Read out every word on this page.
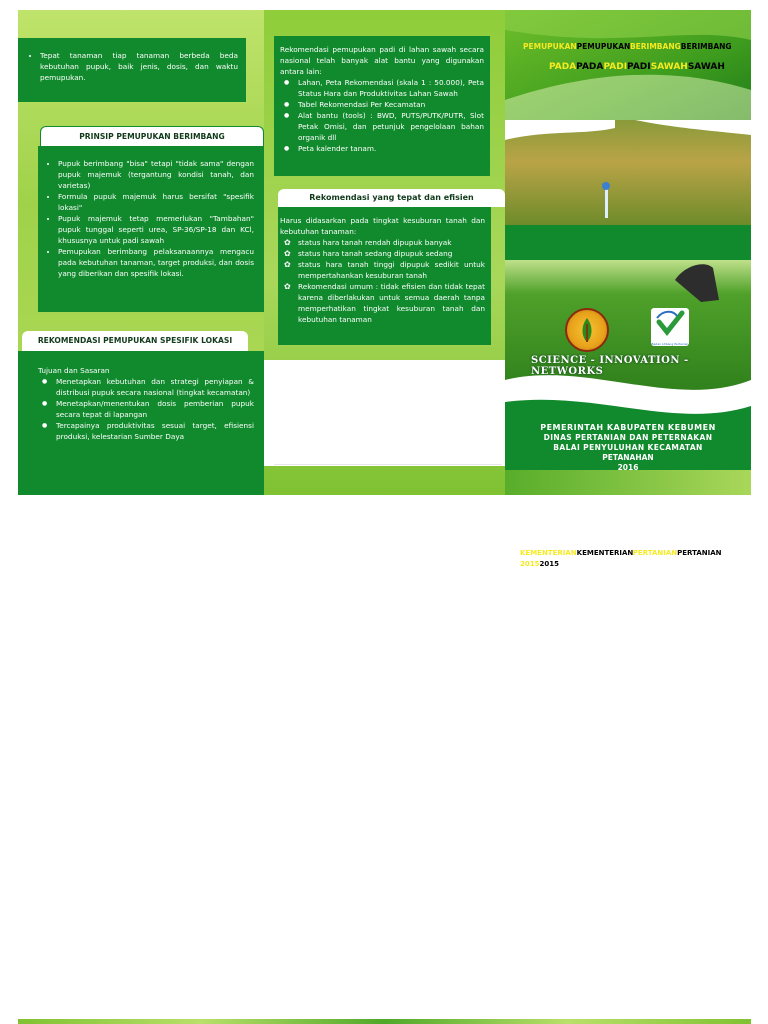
• Tepat tanaman tiap tanaman berbeda beda kebutuhan pupuk, baik jenis, dosis, dan waktu pemupukan.
PRINSIP PEMUPUKAN BERIMBANG
• Pupuk berimbang "bisa" tetapi "tidak sama" dengan pupuk majemuk (tergantung kondisi tanah, dan varietas)
• Formula pupuk majemuk harus bersifat "spesifik lokasi"
• Pupuk majemuk tetap memerlukan "Tambahan" pupuk tunggal seperti urea, SP-36/SP-18 dan KCl, khususnya untuk padi sawah
• Pemupukan berimbang pelaksanaannya mengacu pada kebutuhan tanaman, target produksi, dan dosis yang diberikan dan spesifik lokasi.
REKOMENDASI PEMUPUKAN SPESIFIK LOKASI
Tujuan dan Sasaran
● Menetapkan kebutuhan dan strategi penyiapan & distribusi pupuk secara nasional (tingkat kecamatan)
● Menetapkan/menentukan dosis pemberian pupuk secara tepat di lapangan
● Tercapainya produktivitas sesuai target, efisiensi produksi, kelestarian Sumber Daya
Rekomendasi pemupukan padi di lahan sawah secara nasional telah banyak alat bantu yang digunakan antara lain:
● Lahan, Peta Rekomendasi (skala 1 : 50.000), Peta Status Hara dan Produktivitas Lahan Sawah
● Tabel Rekomendasi Per Kecamatan
● Alat bantu (tools) : BWD, PUTS/PUTK/PUTR, Slot Petak Omisi, dan petunjuk pengelolaan bahan organik dll
● Peta kalender tanam.
Rekomendasi yang tepat dan efisien
Harus didasarkan pada tingkat kesuburan tanah dan kebutuhan tanaman:
✿ status hara tanah rendah dipupuk banyak
✿ status hara tanah sedang dipupuk sedang
✿ status hara tanah tinggi dipupuk sedikit untuk mempertahankan kesuburan tanah
✿ Rekomendasi umum : tidak efisien dan tidak tepat karena diberlakukan untuk semua daerah tanpa memperhatikan tingkat kesuburan tanah dan kebutuhan tanaman
PEMUPUKANPEMUPUKAN BERIMBANGBERIMBANG
PADAPADA PADIPADI SAWAHSAWAH
Badan Litbang Pertanian
SCIENCE - INNOVATION - NETWORKS
PEMERINTAH KABUPATEN KEBUMEN
DINAS PERTANIAN DAN PETERNAKAN
BALAI PENYULUHAN KECAMATAN
PETANAHAN
2016
KEMENTERIANKEMENTERIAN PERTANIANPERTANIAN
20152015
